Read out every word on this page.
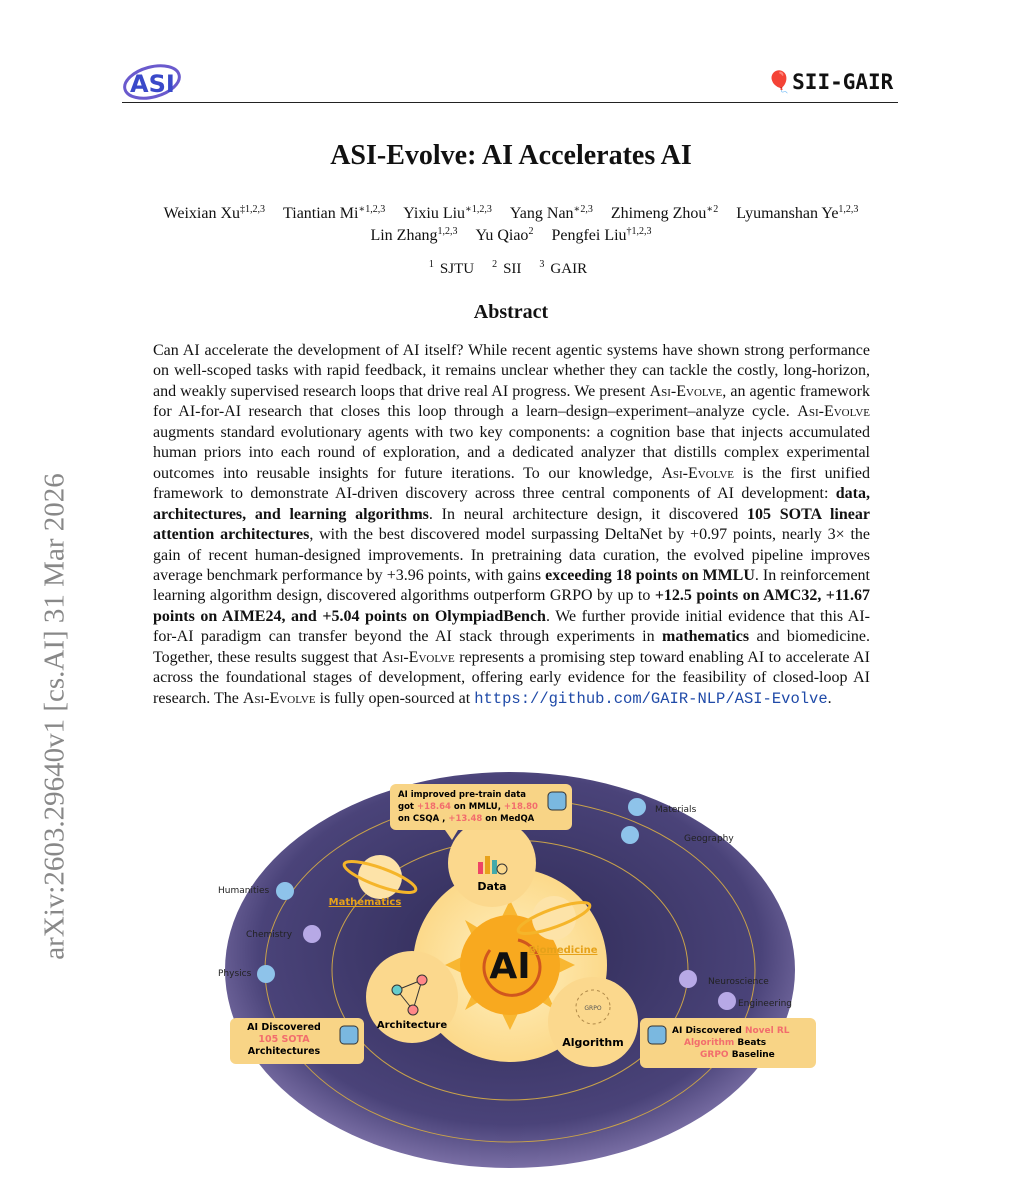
ASI	🎈SII-GAIR
ASI-Evolve: AI Accelerates AI
Weixian Xu$^{\ddagger 1,2,3}$ Tiantian $Mi^{∗1,2,3}$ Yixiu Liu$^{∗1,2,3}$ Yang Nan$^{∗2,3}$ Zhimeng Zhou$^{∗2}$ Lyumanshan Ye$^{1,2,3}$
Lin Zhang$^{1,2,3}$ Yu Qiao$^2$ Pengfei Liu$^{\dagger 1,2,3}$
$^1$ SJTU $^2$ SII $^3$ GAIR
Abstract
Can AI accelerate the development of AI itself? While recent agentic systems have shown strong performance on well-scoped tasks with rapid feedback, it remains unclear whether they can tackle the costly, long-horizon, and weakly supervised research loops that drive real AI progress. We present Asi-Evolve, an agentic framework for AI-for-AI research that closes this loop through a learn–design–experiment–analyze cycle. Asi-Evolve augments standard evolutionary agents with two key components: a cognition base that injects accumulated human priors into each round of exploration, and a dedicated analyzer that distills complex experimental outcomes into reusable insights for future iterations. To our knowledge, Asi-Evolve is the first unified framework to demonstrate AI-driven discovery across three central components of AI development: data, architectures, and learning algorithms. In neural architecture design, it discovered 105 SOTA linear attention architectures, with the best discovered model surpassing DeltaNet by +0.97 points, nearly 3× the gain of recent human-designed improvements. In pretraining data curation, the evolved pipeline improves average benchmark performance by +3.96 points, with gains exceeding 18 points on MMLU. In reinforcement learning algorithm design, discovered algorithms outperform GRPO by up to +12.5 points on AMC32, +11.67 points on AIME24, and +5.04 points on OlympiadBench. We further provide initial evidence that this AI-for-AI paradigm can transfer beyond the AI stack through experiments in mathematics and biomedicine. Together, these results suggest that Asi-Evolve represents a promising step toward enabling AI to accelerate AI across the foundational stages of development, offering early evidence for the feasibility of closed-loop AI research. The Asi-Evolve is fully open-sourced at https://github.com/GAIR-NLP/ASI-Evolve.
arXiv:2603.29640v1 [cs.AI] 31 Mar 2026
AI
Data
Architecture
GRPO
Algorithm
Mathematics
Biomedicine
Materials
Geography
Humanities
Chemistry
Physics
Neuroscience
Engineering
AI improved pre-train data got +18.64 on MMLU, +18.80 on CSQA , +13.48 on MedQA
AI Discovered 105 SOTA Architectures
AI Discovered Novel RL Algorithm Beats GRPO Baseline
